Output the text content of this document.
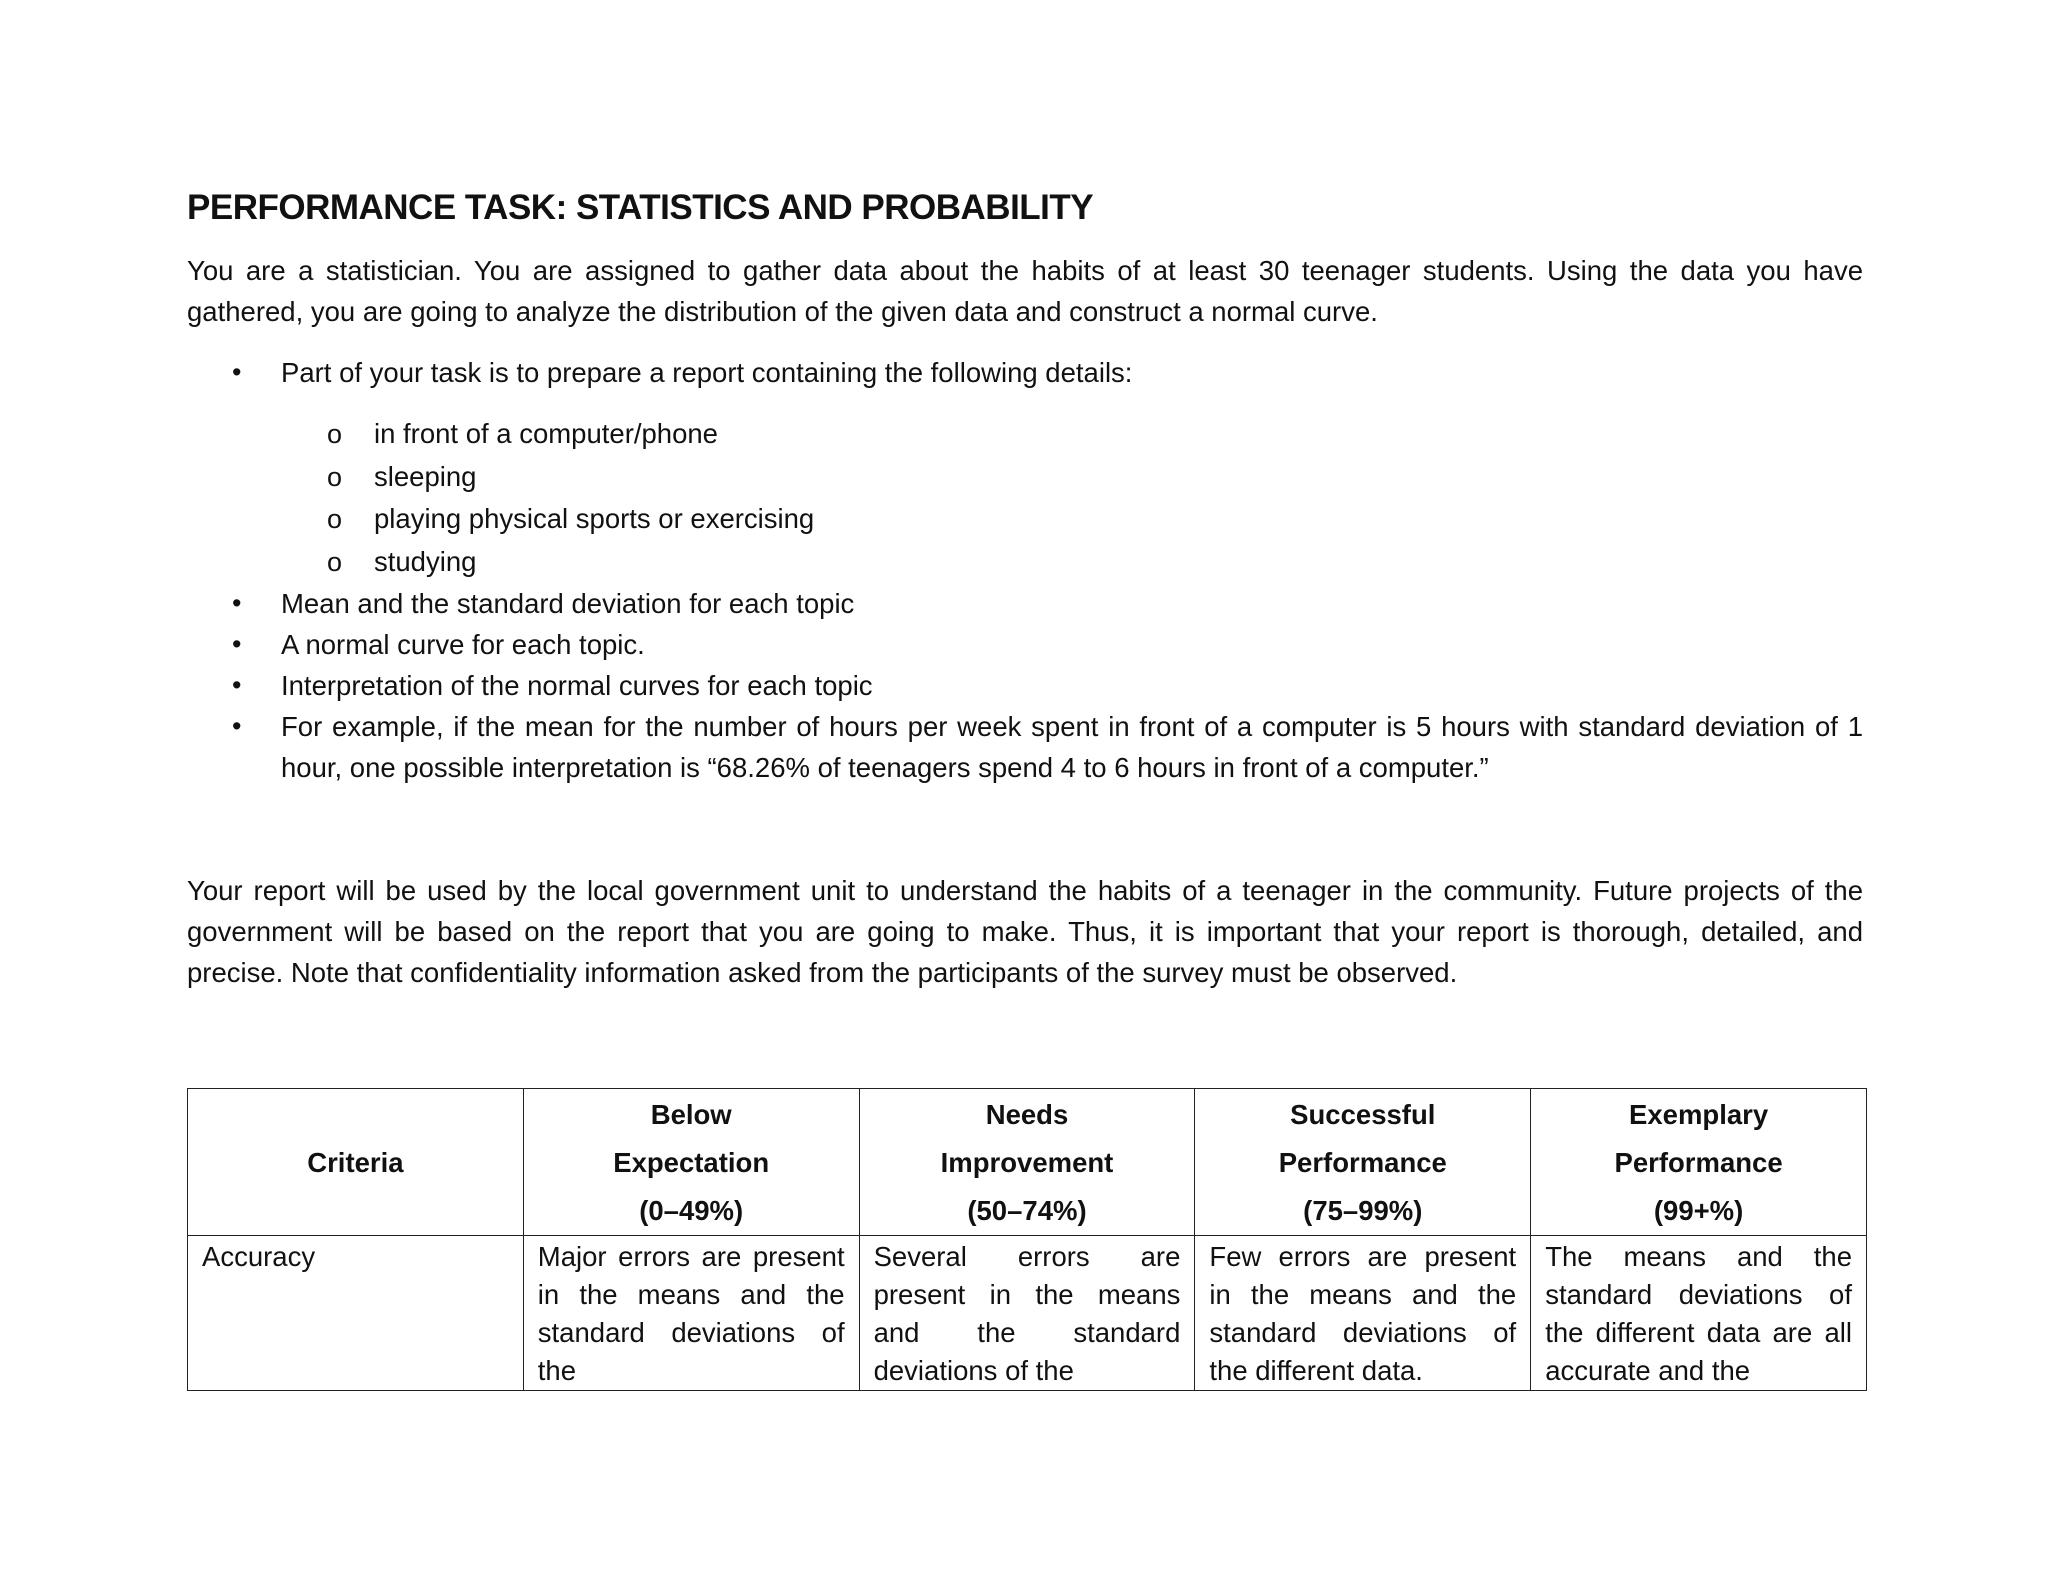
PERFORMANCE TASK: STATISTICS AND PROBABILITY

You are a statistician. You are assigned to gather data about the habits of at least 30 teenager students. Using the data you have gathered, you are going to analyze the distribution of the given data and construct a normal curve.

• Part of your task is to prepare a report containing the following details:
o in front of a computer/phone
o sleeping
o playing physical sports or exercising
o studying
• Mean and the standard deviation for each topic
• A normal curve for each topic.
• Interpretation of the normal curves for each topic
• For example, if the mean for the number of hours per week spent in front of a computer is 5 hours with standard deviation of 1 hour, one possible interpretation is “68.26% of teenagers spend 4 to 6 hours in front of a computer.”

Your report will be used by the local government unit to understand the habits of a teenager in the community. Future projects of the government will be based on the report that you are going to make. Thus, it is important that your report is thorough, detailed, and precise. Note that confidentiality information asked from the participants of the survey must be observed.

Criteria	Below
Expectation
(0–49%)	Needs
Improvement
(50–74%)	Successful
Performance
(75–99%)	Exemplary
Performance
(99+%)

Accuracy	Major errors are present in the means and the standard deviations of the	Several errors are present in the means and the standard deviations of the	Few errors are present in the means and the standard deviations of the different data.	The means and the standard deviations of the different data are all accurate and the
